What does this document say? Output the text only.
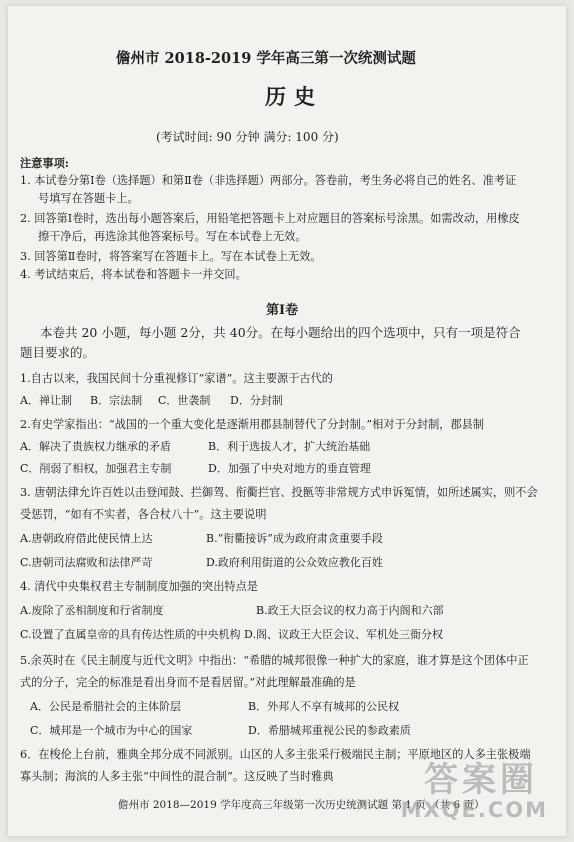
儋州市 2018-2019 学年高三第一次统测试题
历史
(考试时间: 90 分钟 满分: 100 分)
注意事项:
1. 本试卷分第Ⅰ卷（选择题）和第Ⅱ卷（非选择题）两部分。答卷前，考生务必将自己的姓名、准考证
号填写在答题卡上。
2. 回答第Ⅰ卷时，选出每小题答案后，用铅笔把答题卡上对应题目的答案标号涂黑。如需改动，用橡皮
擦干净后，再选涂其他答案标号。写在本试卷上无效。
3. 回答第Ⅱ卷时，将答案写在答题卡上。写在本试卷上无效。
4. 考试结束后，将本试卷和答题卡一并交回。
第Ⅰ卷
本卷共 20 小题，每小题 2分，共 40分。在每小题给出的四个选项中，只有一项是符合
题目要求的。
1.自古以来，我国民间十分重视修订“家谱”。这主要源于古代的
A．禅让制 B．宗法制 C．世袭制 D．分封制
2.有史学家指出：“战国的一个重大变化是逐渐用郡县制替代了分封制。”相对于分封制，郡县制
A．解决了贵族权力继承的矛盾	B．利于选拔人才，扩大统治基础
C．削弱了相权，加强君主专制	D．加强了中央对地方的垂直管理
3. 唐朝法律允许百姓以击登闻鼓、拦御驾、衔衢拦官、投匦等非常规方式申诉冤情，如所述属实，则不会
受惩罚，“如有不实者，各合杖八十”。这主要说明
A.唐朝政府借此使民情上达	B.“衔衢接诉”成为政府肃贪重要手段
C.唐朝司法腐败和法律严苛	D.政府利用街道的公众效应教化百姓
4. 清代中央集权君主专制制度加强的突出特点是
A.废除了丞相制度和行省制度	B.政王大臣会议的权力高于内阁和六部
C.设置了直属皇帝的具有传达性质的中央机构 D.阁、议政王大臣会议、军机处三衙分权
5.余英时在《民主制度与近代文明》中指出：“希腊的城邦很像一种扩大的家庭，谁才算是这个团体中正
式的分子，完全的标准是看出身而不是看居留。”对此理解最准确的是
A．公民是希腊社会的主体阶层	B．外邦人不享有城邦的公民权
C．城邦是一个城市为中心的国家	D．希腊城邦重视公民的参政素质
6．在梭伦上台前，雅典全邦分成不同派别。山区的人多主张采行极端民主制；平原地区的人多主张极端
寡头制；海滨的人多主张“中间性的混合制”。这反映了当时雅典
儋州市 2018—2019 学年度高三年级第一次历史统测试题 第 1 页 （共 6 页）
答案圈
MXQE.COM
